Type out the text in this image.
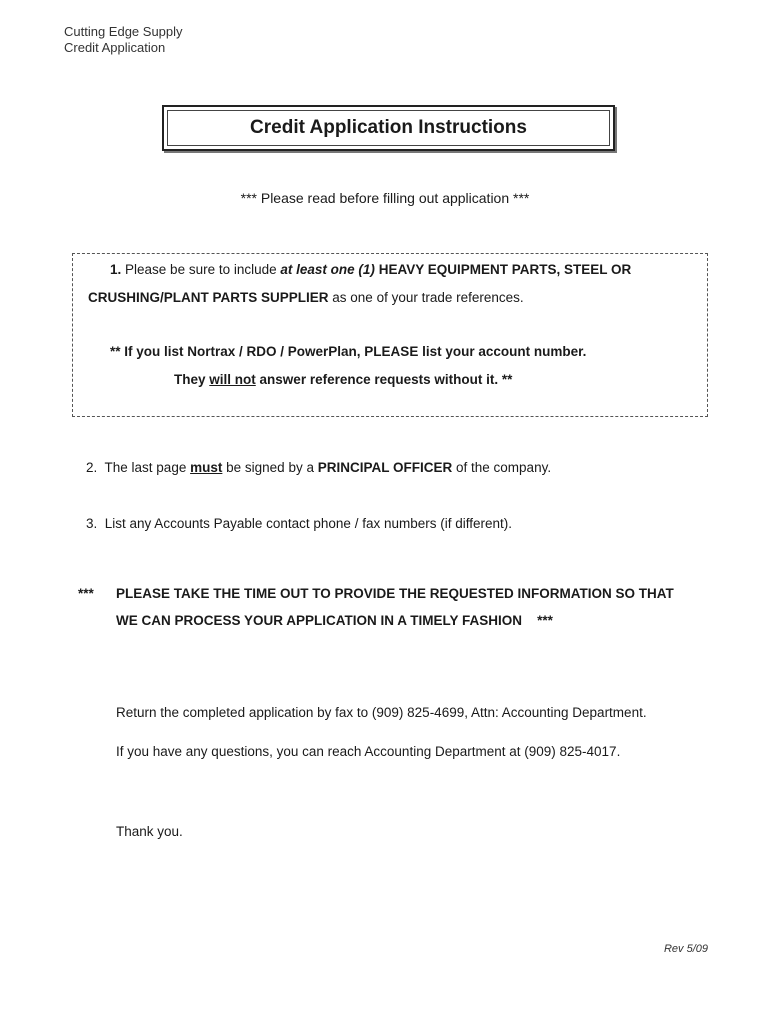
Cutting Edge Supply
Credit Application
Credit Application Instructions
*** Please read before filling out application ***
1. Please be sure to include at least one (1) HEAVY EQUIPMENT PARTS, STEEL OR
CRUSHING/PLANT PARTS SUPPLIER as one of your trade references.
** If you list Nortrax / RDO / PowerPlan, PLEASE list your account number.
They will not answer reference requests without it. **
2. The last page must be signed by a PRINCIPAL OFFICER of the company.
3. List any Accounts Payable contact phone / fax numbers (if different).
*** PLEASE TAKE THE TIME OUT TO PROVIDE THE REQUESTED INFORMATION SO THAT
WE CAN PROCESS YOUR APPLICATION IN A TIMELY FASHION ***
Return the completed application by fax to (909) 825-4699, Attn: Accounting Department.
If you have any questions, you can reach Accounting Department at (909) 825-4017.
Thank you.
Rev 5/09
